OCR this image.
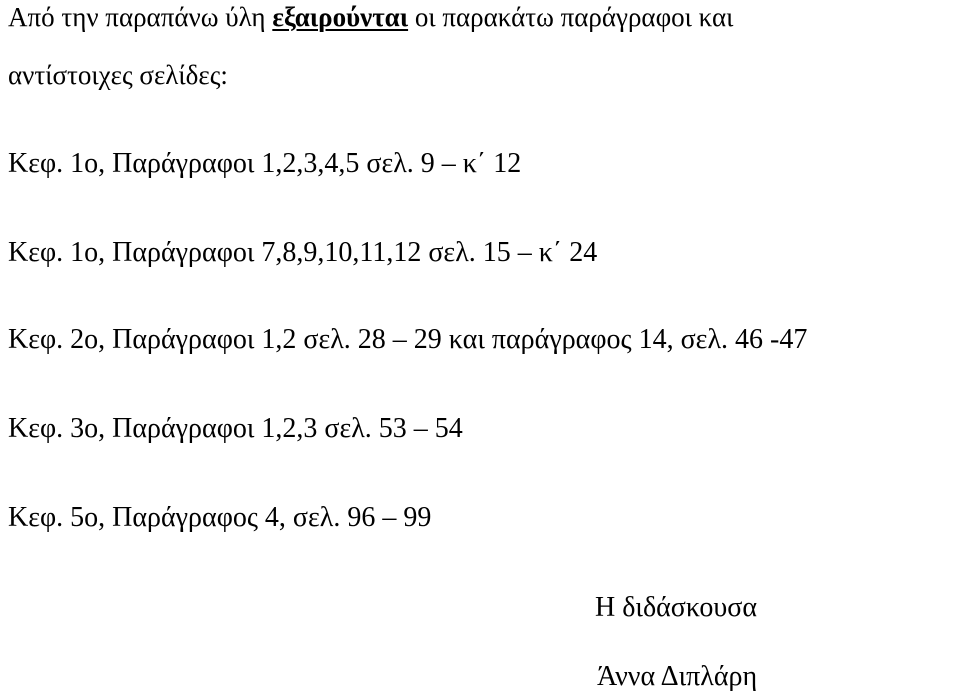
Από την παραπάνω ύλη εξαιρούνται οι παρακάτω παράγραφοι και
αντίστοιχες σελίδες:
Κεφ. 1ο, Παράγραφοι 1,2,3,4,5 σελ. 9 – κ΄ 12
Κεφ. 1ο, Παράγραφοι 7,8,9,10,11,12 σελ. 15 – κ΄ 24
Κεφ. 2ο, Παράγραφοι 1,2 σελ. 28 – 29 και παράγραφος 14, σελ. 46 -47
Κεφ. 3ο, Παράγραφοι 1,2,3 σελ. 53 – 54
Κεφ. 5ο, Παράγραφος 4, σελ. 96 – 99
Η διδάσκουσα
Άννα Διπλάρη
